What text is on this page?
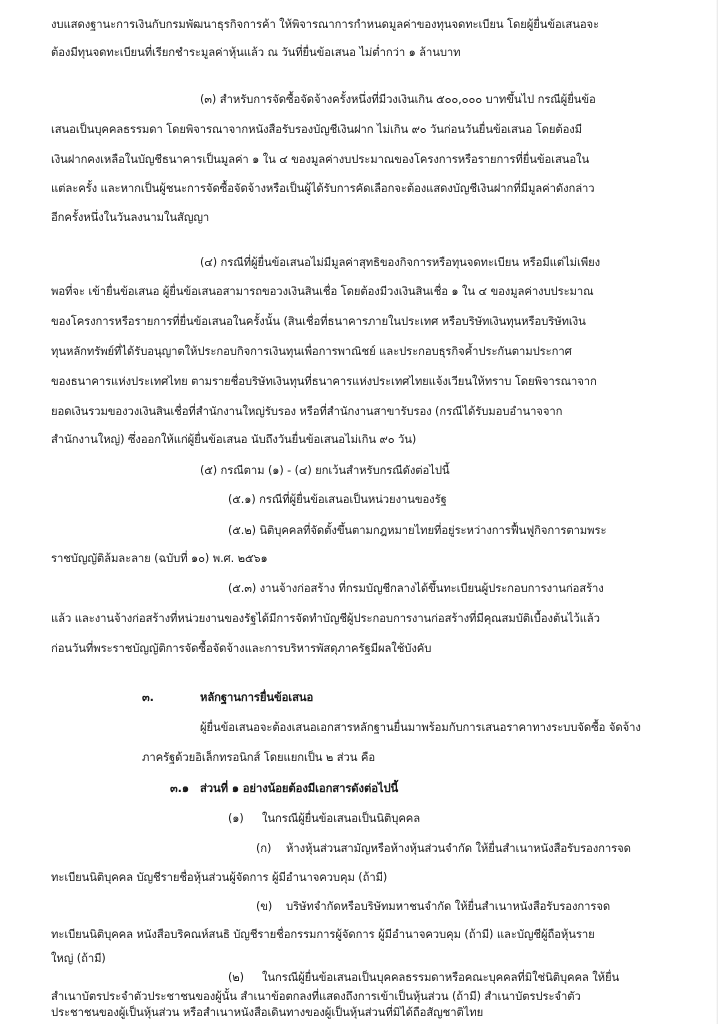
งบแสดงฐานะการเงินกับกรมพัฒนาธุรกิจการค้า ให้พิจารณาการกำหนดมูลค่าของทุนจดทะเบียน โดยผู้ยื่นข้อเสนอจะ
ต้องมีทุนจดทะเบียนที่เรียกชำระมูลค่าหุ้นแล้ว ณ วันที่ยื่นข้อเสนอ ไม่ต่ำกว่า ๑ ล้านบาท
(๓) สำหรับการจัดซื้อจัดจ้างครั้งหนึ่งที่มีวงเงินเกิน ๕๐๐,๐๐๐ บาทขึ้นไป กรณีผู้ยื่นข้อ
เสนอเป็นบุคคลธรรมดา โดยพิจารณาจากหนังสือรับรองบัญชีเงินฝาก ไม่เกิน ๙๐ วันก่อนวันยื่นข้อเสนอ โดยต้องมี
เงินฝากคงเหลือในบัญชีธนาคารเป็นมูลค่า ๑ ใน ๔ ของมูลค่างบประมาณของโครงการหรือรายการที่ยื่นข้อเสนอใน
แต่ละครั้ง และหากเป็นผู้ชนะการจัดซื้อจัดจ้างหรือเป็นผู้ได้รับการคัดเลือกจะต้องแสดงบัญชีเงินฝากที่มีมูลค่าดังกล่าว
อีกครั้งหนึ่งในวันลงนามในสัญญา
(๔) กรณีที่ผู้ยื่นข้อเสนอไม่มีมูลค่าสุทธิของกิจการหรือทุนจดทะเบียน หรือมีแต่ไม่เพียง
พอที่จะ เข้ายื่นข้อเสนอ ผู้ยื่นข้อเสนอสามารถขอวงเงินสินเชื่อ โดยต้องมีวงเงินสินเชื่อ ๑ ใน ๔ ของมูลค่างบประมาณ
ของโครงการหรือรายการที่ยื่นข้อเสนอในครั้งนั้น (สินเชื่อที่ธนาคารภายในประเทศ หรือบริษัทเงินทุนหรือบริษัทเงิน
ทุนหลักทรัพย์ที่ได้รับอนุญาตให้ประกอบกิจการเงินทุนเพื่อการพาณิชย์ และประกอบธุรกิจค้ำประกันตามประกาศ
ของธนาคารแห่งประเทศไทย ตามรายชื่อบริษัทเงินทุนที่ธนาคารแห่งประเทศไทยแจ้งเวียนให้ทราบ โดยพิจารณาจาก
ยอดเงินรวมของวงเงินสินเชื่อที่สำนักงานใหญ่รับรอง หรือที่สำนักงานสาขารับรอง (กรณีได้รับมอบอำนาจจาก
สำนักงานใหญ่) ซึ่งออกให้แก่ผู้ยื่นข้อเสนอ นับถึงวันยื่นข้อเสนอไม่เกิน ๙๐ วัน)
(๕) กรณีตาม (๑) - (๔) ยกเว้นสำหรับกรณีดังต่อไปนี้
(๕.๑) กรณีที่ผู้ยื่นข้อเสนอเป็นหน่วยงานของรัฐ
(๕.๒) นิติบุคคลที่จัดตั้งขึ้นตามกฎหมายไทยที่อยู่ระหว่างการฟื้นฟูกิจการตามพระ
ราชบัญญัติล้มละลาย (ฉบับที่ ๑๐) พ.ศ. ๒๕๖๑
(๕.๓) งานจ้างก่อสร้าง ที่กรมบัญชีกลางได้ขึ้นทะเบียนผู้ประกอบการงานก่อสร้าง
แล้ว และงานจ้างก่อสร้างที่หน่วยงานของรัฐได้มีการจัดทำบัญชีผู้ประกอบการงานก่อสร้างที่มีคุณสมบัติเบื้องต้นไว้แล้ว
ก่อนวันที่พระราชบัญญัติการจัดซื้อจัดจ้างและการบริหารพัสดุภาครัฐมีผลใช้บังคับ
๓.	หลักฐานการยื่นข้อเสนอ
ผู้ยื่นข้อเสนอจะต้องเสนอเอกสารหลักฐานยื่นมาพร้อมกับการเสนอราคาทางระบบจัดซื้อ จัดจ้าง
ภาครัฐด้วยอิเล็กทรอนิกส์ โดยแยกเป็น ๒ ส่วน คือ
๓.๑ ส่วนที่ ๑ อย่างน้อยต้องมีเอกสารดังต่อไปนี้
(๑) ในกรณีผู้ยื่นข้อเสนอเป็นนิติบุคคล
(ก) ห้างหุ้นส่วนสามัญหรือห้างหุ้นส่วนจำกัด ให้ยื่นสำเนาหนังสือรับรองการจด
ทะเบียนนิติบุคคล บัญชีรายชื่อหุ้นส่วนผู้จัดการ ผู้มีอำนาจควบคุม (ถ้ามี)
(ข) บริษัทจำกัดหรือบริษัทมหาชนจำกัด ให้ยื่นสำเนาหนังสือรับรองการจด
ทะเบียนนิติบุคคล หนังสือบริคณห์สนธิ บัญชีรายชื่อกรรมการผู้จัดการ ผู้มีอำนาจควบคุม (ถ้ามี) และบัญชีผู้ถือหุ้นราย
ใหญ่ (ถ้ามี)
(๒) ในกรณีผู้ยื่นข้อเสนอเป็นบุคคลธรรมดาหรือคณะบุคคลที่มิใช่นิติบุคคล ให้ยื่น
สำเนาบัตรประจำตัวประชาชนของผู้นั้น สำเนาข้อตกลงที่แสดงถึงการเข้าเป็นหุ้นส่วน (ถ้ามี) สำเนาบัตรประจำตัว
ประชาชนของผู้เป็นหุ้นส่วน หรือสำเนาหนังสือเดินทางของผู้เป็นหุ้นส่วนที่มิได้ถือสัญชาติไทย
